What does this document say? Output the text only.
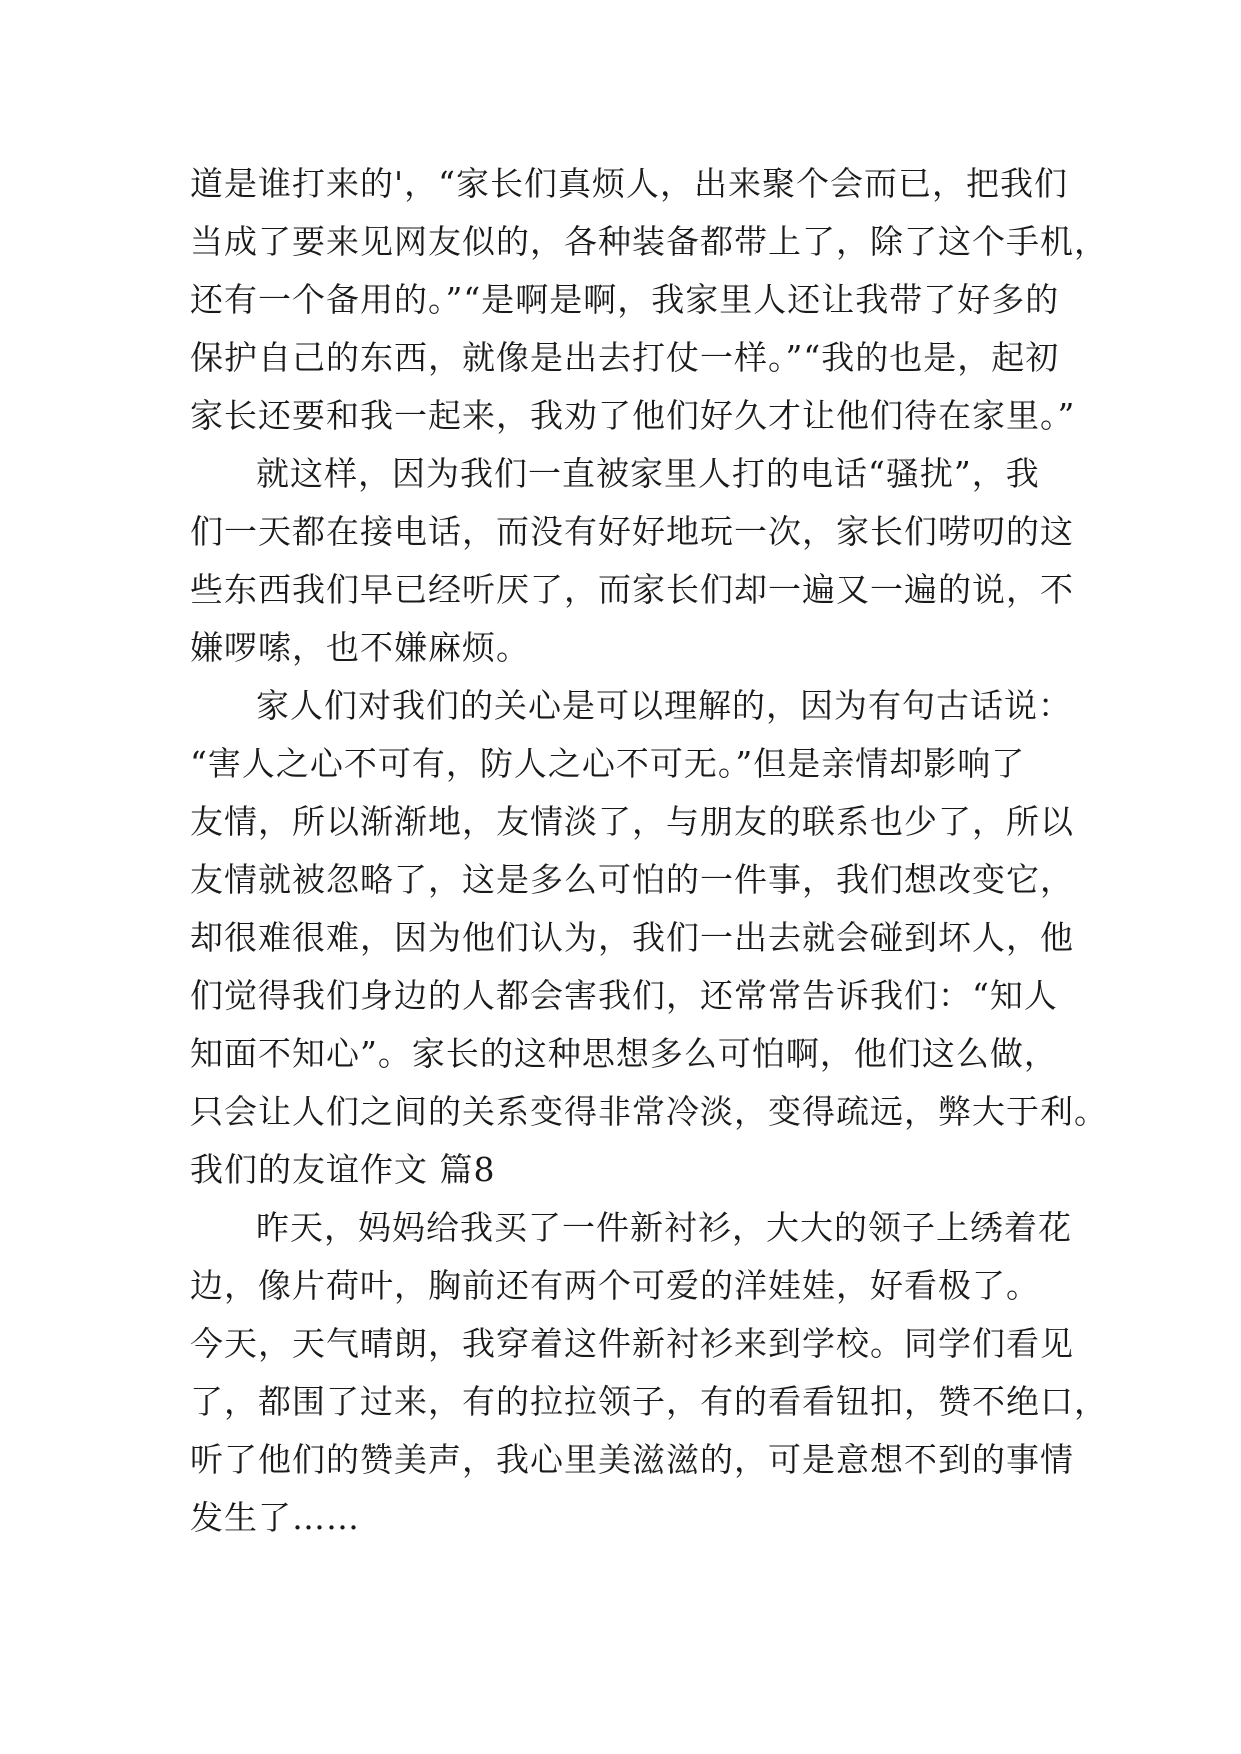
道是谁打来的'，“家长们真烦人，出来聚个会而已，把我们
当成了要来见网友似的，各种装备都带上了，除了这个手机，
还有一个备用的。”“是啊是啊，我家里人还让我带了好多的
保护自己的东西，就像是出去打仗一样。”“我的也是，起初
家长还要和我一起来，我劝了他们好久才让他们待在家里。”
就这样，因为我们一直被家里人打的电话“骚扰”，我
们一天都在接电话，而没有好好地玩一次，家长们唠叨的这
些东西我们早已经听厌了，而家长们却一遍又一遍的说，不
嫌啰嗦，也不嫌麻烦。
家人们对我们的关心是可以理解的，因为有句古话说：
“害人之心不可有，防人之心不可无。”但是亲情却影响了
友情，所以渐渐地，友情淡了，与朋友的联系也少了，所以
友情就被忽略了，这是多么可怕的一件事，我们想改变它，
却很难很难，因为他们认为，我们一出去就会碰到坏人，他
们觉得我们身边的人都会害我们，还常常告诉我们：“知人
知面不知心”。家长的这种思想多么可怕啊，他们这么做，
只会让人们之间的关系变得非常冷淡，变得疏远，弊大于利。
我们的友谊作文 篇8
昨天，妈妈给我买了一件新衬衫，大大的领子上绣着花
边，像片荷叶，胸前还有两个可爱的洋娃娃，好看极了。
今天，天气晴朗，我穿着这件新衬衫来到学校。同学们看见
了，都围了过来，有的拉拉领子，有的看看钮扣，赞不绝口，
听了他们的赞美声，我心里美滋滋的，可是意想不到的事情
发生了……
